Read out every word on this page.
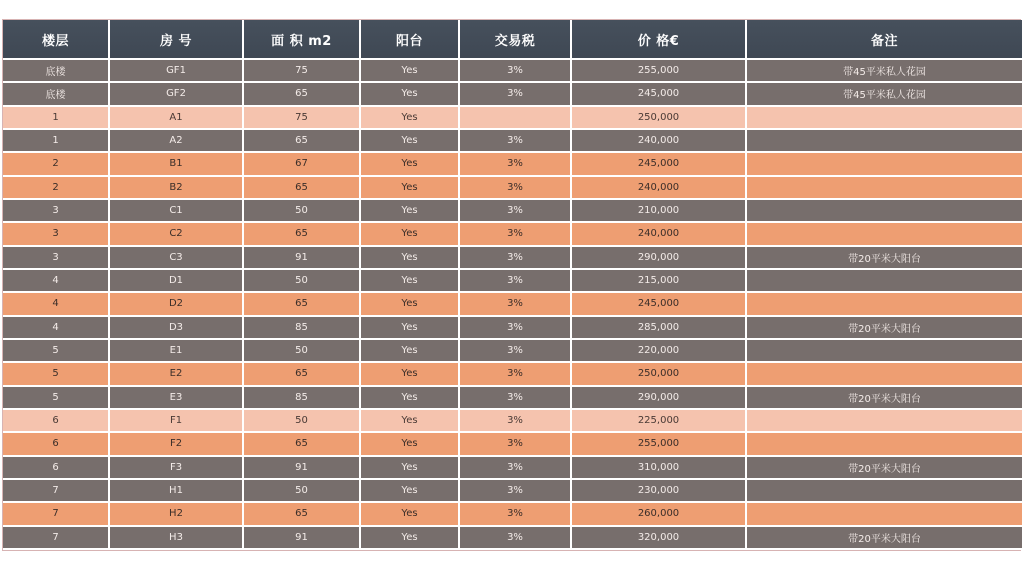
楼层	房 号	面 积 m2	阳台	交易税	价 格€	备注
底楼	GF1	75	Yes	3%	255,000	带45平米私人花园
底楼	GF2	65	Yes	3%	245,000	带45平米私人花园
1	A1	75	Yes		250,000	
1	A2	65	Yes	3%	240,000	
2	B1	67	Yes	3%	245,000	
2	B2	65	Yes	3%	240,000	
3	C1	50	Yes	3%	210,000	
3	C2	65	Yes	3%	240,000	
3	C3	91	Yes	3%	290,000	带20平米大阳台
4	D1	50	Yes	3%	215,000	
4	D2	65	Yes	3%	245,000	
4	D3	85	Yes	3%	285,000	带20平米大阳台
5	E1	50	Yes	3%	220,000	
5	E2	65	Yes	3%	250,000	
5	E3	85	Yes	3%	290,000	带20平米大阳台
6	F1	50	Yes	3%	225,000	
6	F2	65	Yes	3%	255,000	
6	F3	91	Yes	3%	310,000	带20平米大阳台
7	H1	50	Yes	3%	230,000	
7	H2	65	Yes	3%	260,000	
7	H3	91	Yes	3%	320,000	带20平米大阳台
